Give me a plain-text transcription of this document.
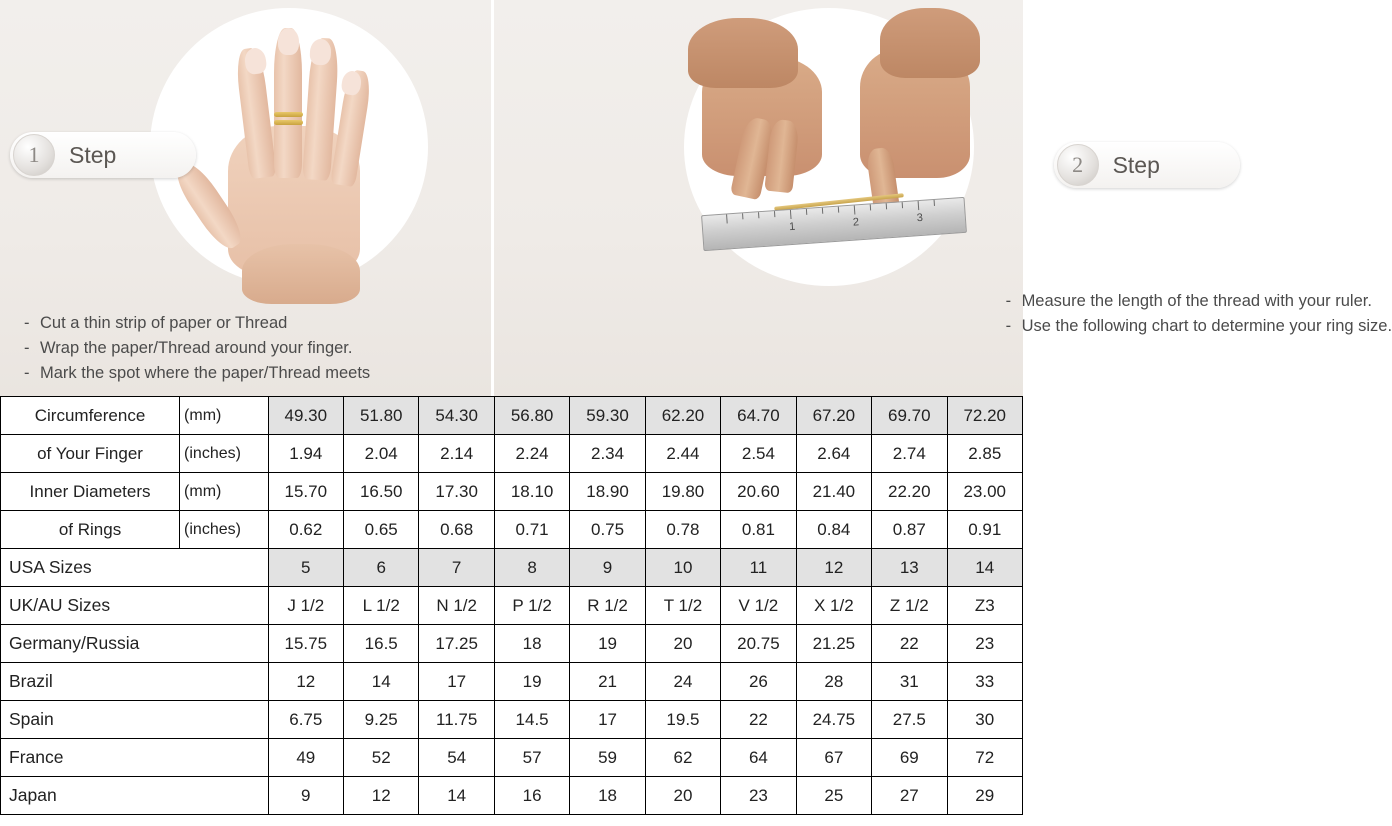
1	Step
- Cut a thin strip of paper or Thread
- Wrap the paper/Thread around your finger.
- Mark the spot where the paper/Thread meets
1	2	3
2	Step
- Measure the length of the thread with your ruler.
- Use the following chart to determine your ring size.
Circumference	(mm)	49.30	51.80	54.30	56.80	59.30	62.20	64.70	67.20	69.70	72.20
of Your Finger	(inches)	1.94	2.04	2.14	2.24	2.34	2.44	2.54	2.64	2.74	2.85
Inner Diameters	(mm)	15.70	16.50	17.30	18.10	18.90	19.80	20.60	21.40	22.20	23.00
of Rings	(inches)	0.62	0.65	0.68	0.71	0.75	0.78	0.81	0.84	0.87	0.91
USA Sizes		5	6	7	8	9	10	11	12	13	14
UK/AU Sizes		J 1/2	L 1/2	N 1/2	P 1/2	R 1/2	T 1/2	V 1/2	X 1/2	Z 1/2	Z3
Germany/Russia		15.75	16.5	17.25	18	19	20	20.75	21.25	22	23
Brazil		12	14	17	19	21	24	26	28	31	33
Spain		6.75	9.25	11.75	14.5	17	19.5	22	24.75	27.5	30
France		49	52	54	57	59	62	64	67	69	72
Japan		9	12	14	16	18	20	23	25	27	29
